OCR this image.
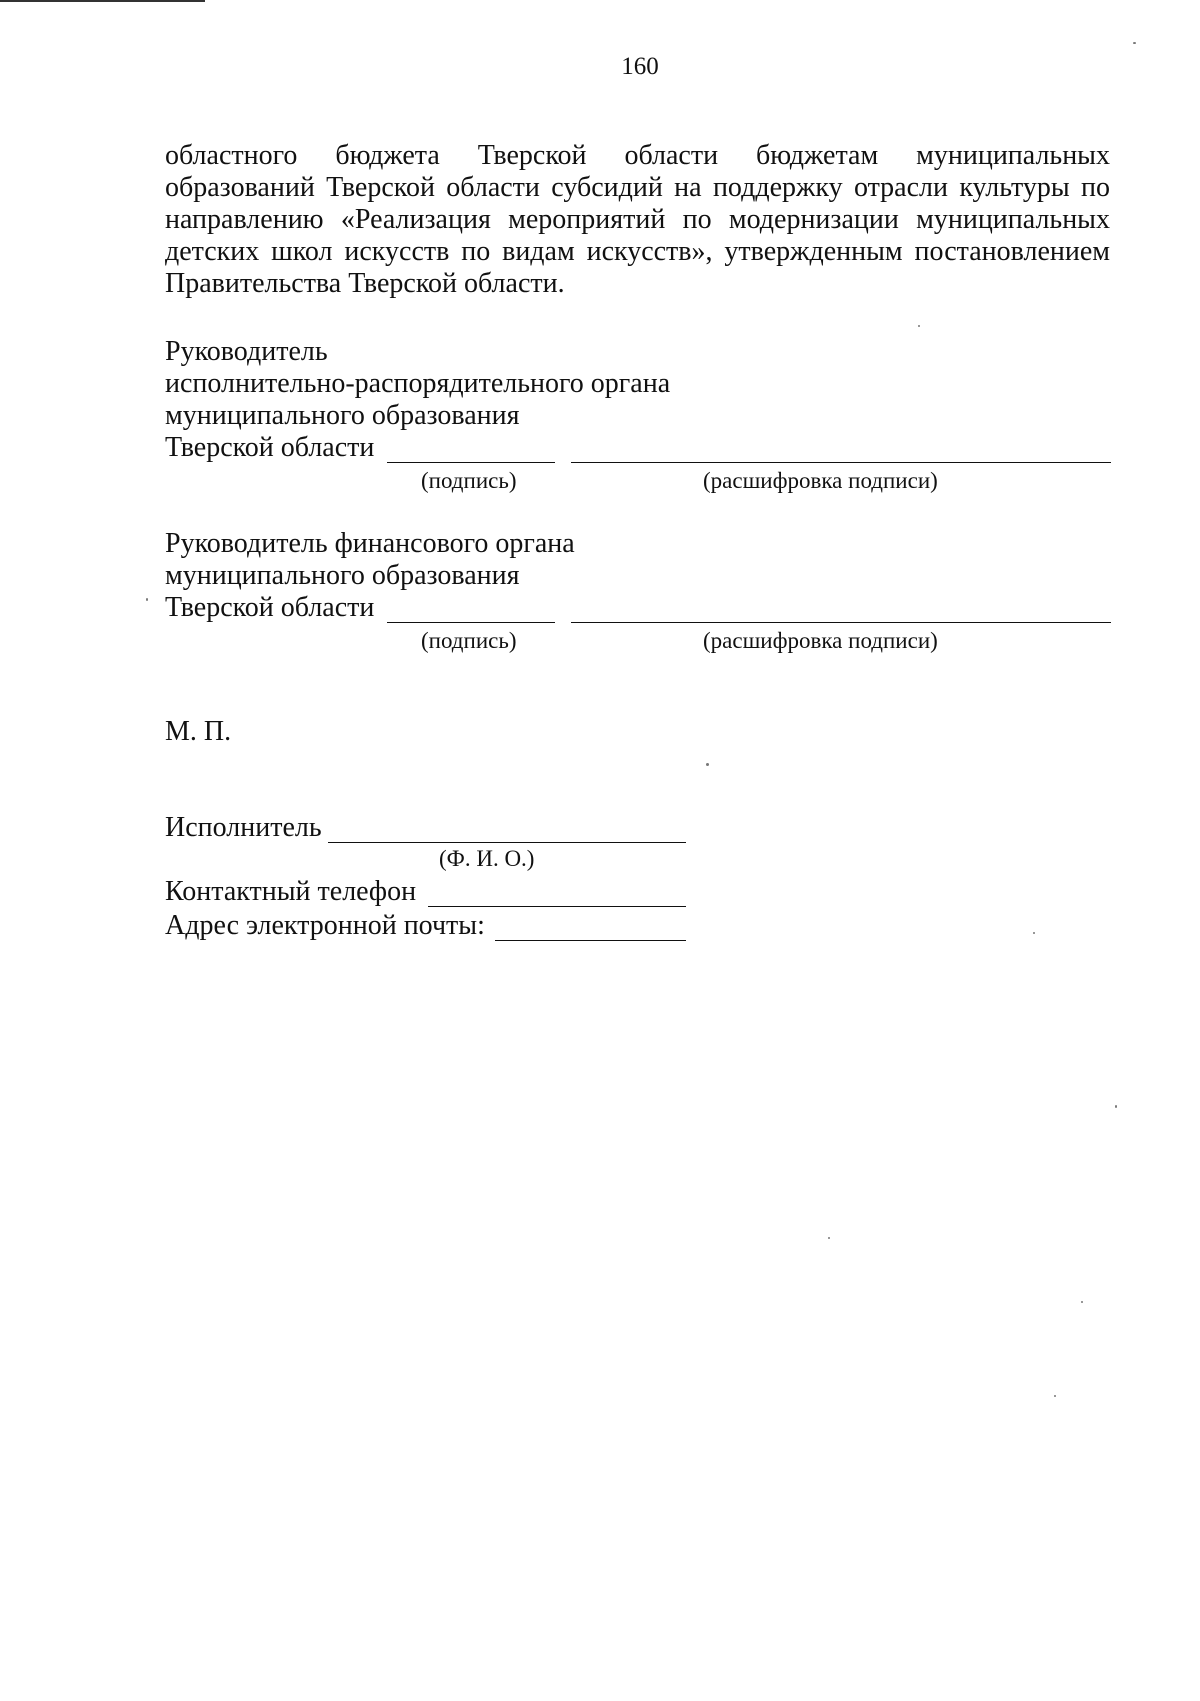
160

областного бюджета Тверской области бюджетам муниципальных образований Тверской области субсидий на поддержку отрасли культуры по направлению «Реализация мероприятий по модернизации муниципальных детских школ искусств по видам искусств», утвержденным постановлением Правительства Тверской области.

Руководитель
исполнительно-распорядительного органа
муниципального образования
Тверской области
(подпись)	(расшифровка подписи)
Руководитель финансового органа
муниципального образования
Тверской области
(подпись)	(расшифровка подписи)
М. П.
Исполнитель
(Ф. И. О.)
Контактный телефон
Адрес электронной почты:
